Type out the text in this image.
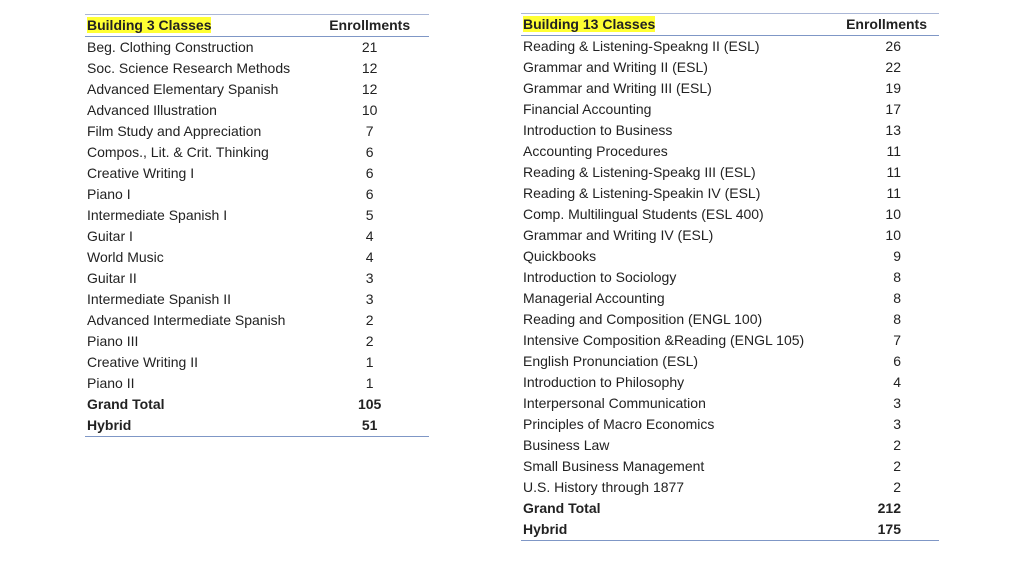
Building 3 Classes	Enrollments
Beg. Clothing Construction	21
Soc. Science Research Methods	12
Advanced Elementary Spanish	12
Advanced Illustration	10
Film Study and Appreciation	7
Compos., Lit. & Crit. Thinking	6
Creative Writing I	6
Piano I	6
Intermediate Spanish I	5
Guitar I	4
World Music	4
Guitar II	3
Intermediate Spanish II	3
Advanced Intermediate Spanish	2
Piano III	2
Creative Writing II	1
Piano II	1
Grand Total	105
Hybrid	51
Building 13 Classes	Enrollments
Reading & Listening-Speakng II (ESL)	26
Grammar and Writing II (ESL)	22
Grammar and Writing III (ESL)	19
Financial Accounting	17
Introduction to Business	13
Accounting Procedures	11
Reading & Listening-Speakg III (ESL)	11
Reading & Listening-Speakin IV (ESL)	11
Comp. Multilingual Students (ESL 400)	10
Grammar and Writing IV (ESL)	10
Quickbooks	9
Introduction to Sociology	8
Managerial Accounting	8
Reading and Composition (ENGL 100)	8
Intensive Composition &Reading (ENGL 105)	7
English Pronunciation (ESL)	6
Introduction to Philosophy	4
Interpersonal Communication	3
Principles of Macro Economics	3
Business Law	2
Small Business Management	2
U.S. History through 1877	2
Grand Total	212
Hybrid	175
